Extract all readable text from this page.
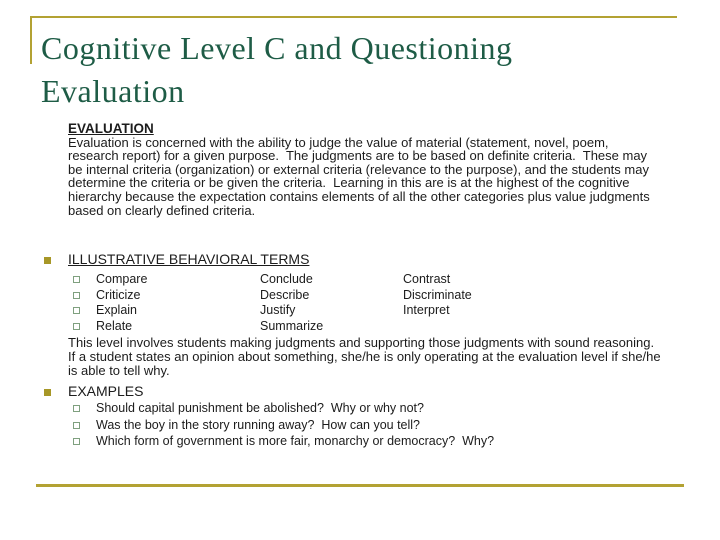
Cognitive Level C and Questioning
Evaluation
EVALUATION
Evaluation is concerned with the ability to judge the value of material (statement, novel, poem, research report) for a given purpose.  The judgments are to be based on definite criteria.  These may be internal criteria (organization) or external criteria (relevance to the purpose), and the students may determine the criteria or be given the criteria.  Learning in this are is at the highest of the cognitive hierarchy because the expectation contains elements of all the other categories plus value judgments based on clearly defined criteria.
ILLUSTRATIVE BEHAVIORAL TERMS
Compare	Conclude	Contrast
Criticize	Describe	Discriminate
Explain	Justify	Interpret
Relate	Summarize
This level involves students making judgments and supporting those judgments with sound reasoning. If a student states an opinion about something, she/he is only operating at the evaluation level if she/he is able to tell why.
EXAMPLES
Should capital punishment be abolished?  Why or why not?
Was the boy in the story running away?  How can you tell?
Which form of government is more fair, monarchy or democracy?  Why?
